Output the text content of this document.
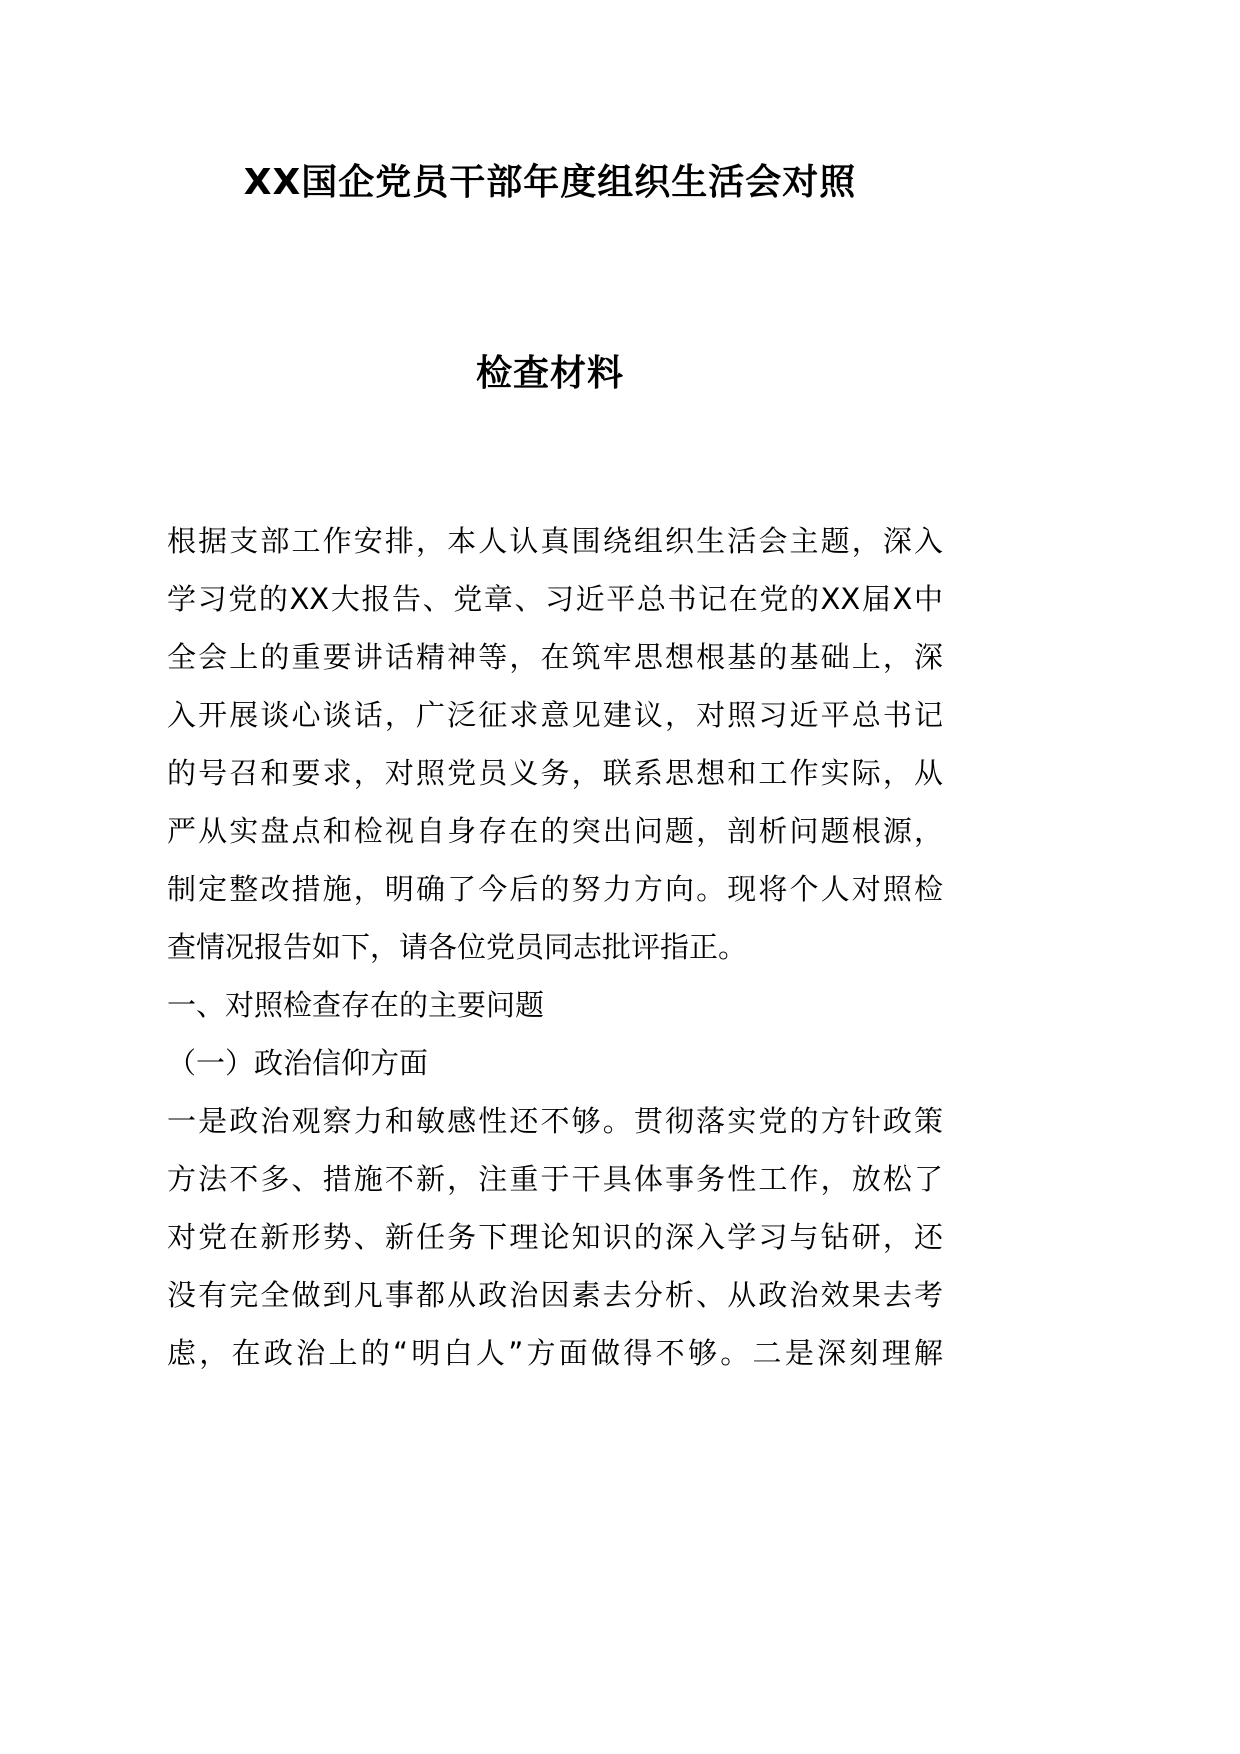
XX国企党员干部年度组织生活会对照
检查材料
根据支部工作安排，本人认真围绕组织生活会主题，深入
学习党的XX大报告、党章、习近平总书记在党的XX届X中
全会上的重要讲话精神等，在筑牢思想根基的基础上，深
入开展谈心谈话，广泛征求意见建议，对照习近平总书记
的号召和要求，对照党员义务，联系思想和工作实际，从
严从实盘点和检视自身存在的突出问题，剖析问题根源，
制定整改措施，明确了今后的努力方向。现将个人对照检
查情况报告如下，请各位党员同志批评指正。
一、对照检查存在的主要问题
（一）政治信仰方面
一是政治观察力和敏感性还不够。贯彻落实党的方针政策
方法不多、措施不新，注重于干具体事务性工作，放松了
对党在新形势、新任务下理论知识的深入学习与钻研，还
没有完全做到凡事都从政治因素去分析、从政治效果去考
虑，在政治上的“明白人”方面做得不够。二是深刻理解
